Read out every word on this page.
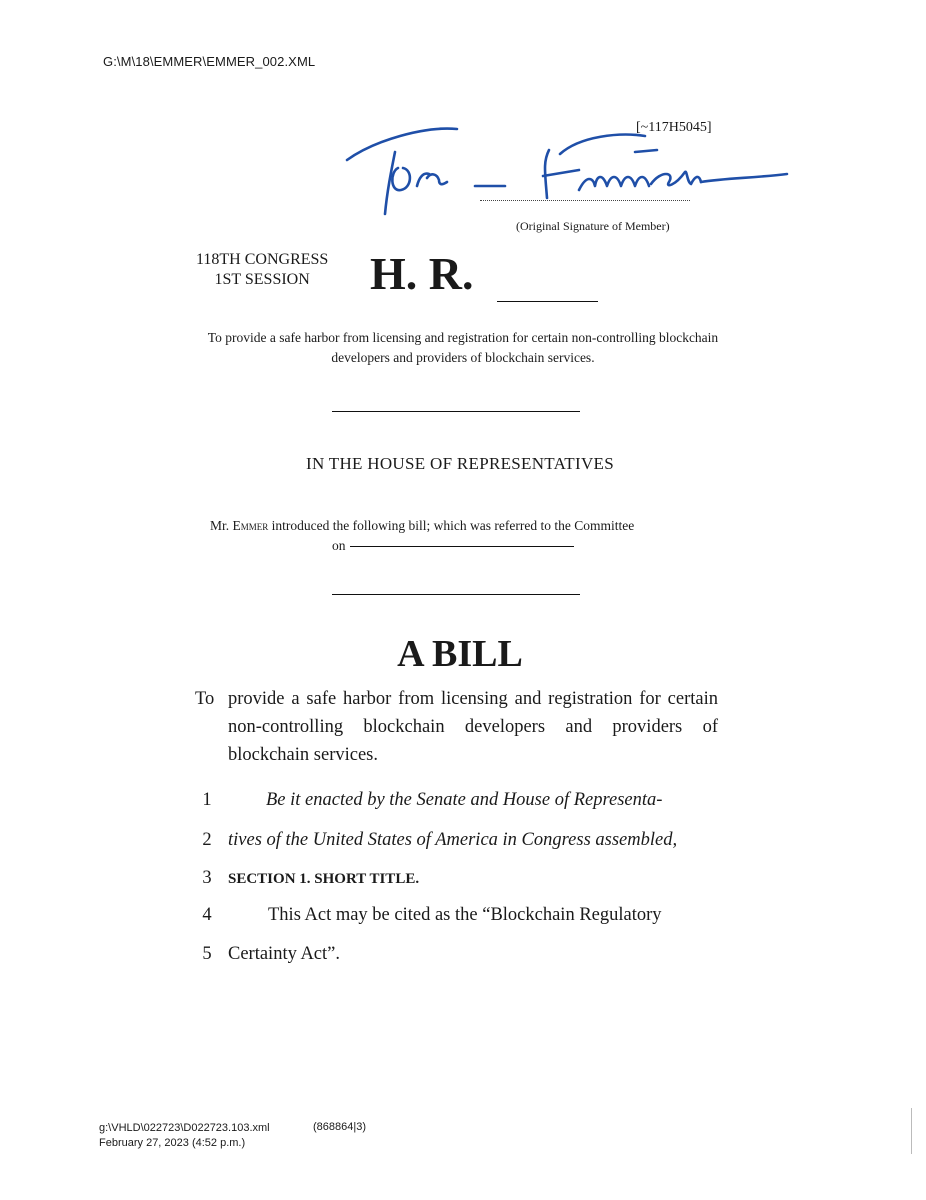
G:\M\18\EMMER\EMMER_002.XML
[~117H5045]
(Original Signature of Member)
118TH CONGRESS
1ST SESSION	H. R.
To provide a safe harbor from licensing and registration for certain non-controlling blockchain developers and providers of blockchain services.
IN THE HOUSE OF REPRESENTATIVES
Mr. Emmer introduced the following bill; which was referred to the Committee
on
A BILL
To provide a safe harbor from licensing and registration for certain non-controlling blockchain developers and providers of blockchain services.
1	Be it enacted by the Senate and House of Representa-
2 tives of the United States of America in Congress assembled,
3 SECTION 1. SHORT TITLE.
4	This Act may be cited as the “Blockchain Regulatory
5 Certainty Act”.
g:\VHLD\022723\D022723.103.xml
February 27, 2023 (4:52 p.m.)
(868864|3)
